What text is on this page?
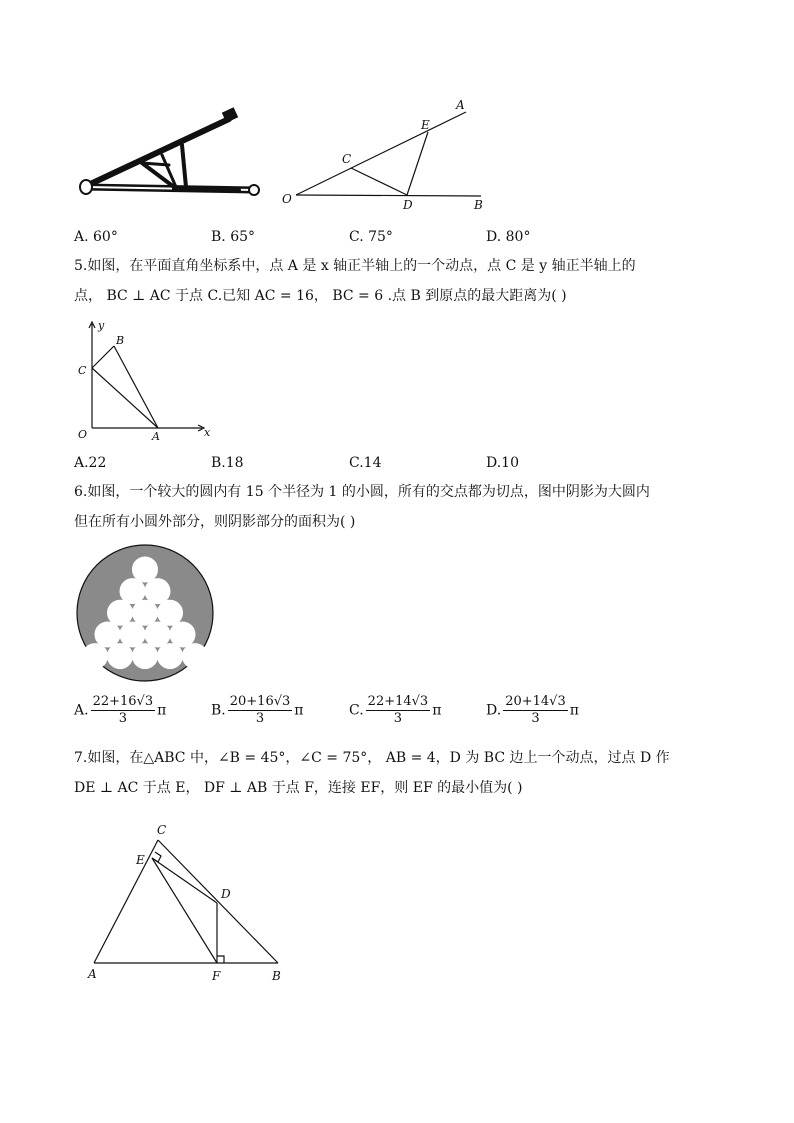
A
E
C
O	D	B
A. 60°	B. 65°	C. 75°	D. 80°
5.如图，在平面直角坐标系中，点 A 是 x 轴正半轴上的一个动点，点 C 是 y 轴正半轴上的
点， BC ⊥ AC 于点 C.已知 AC = 16， BC = 6 .点 B 到原点的最大距离为( )
y
B
C
O	A	x
A.22	B.18	C.14	D.10
6.如图，一个较大的圆内有 15 个半径为 1 的小圆，所有的交点都为切点，图中阴影为大圆内
但在所有小圆外部分，则阴影部分的面积为( )
A. $\frac{22+16√3}{3}$ π	B. $\frac{20+16√3}{3}$ π	C. $\frac{22+14√3}{3}$ π	D. $\frac{20+14√3}{3}$ π
7.如图，在△ABC 中，∠B = 45°，∠C = 75°， AB = 4，D 为 BC 边上一个动点，过点 D 作
DE ⊥ AC 于点 E， DF ⊥ AB 于点 F，连接 EF，则 EF 的最小值为( )
C
E
D
A	F	B
